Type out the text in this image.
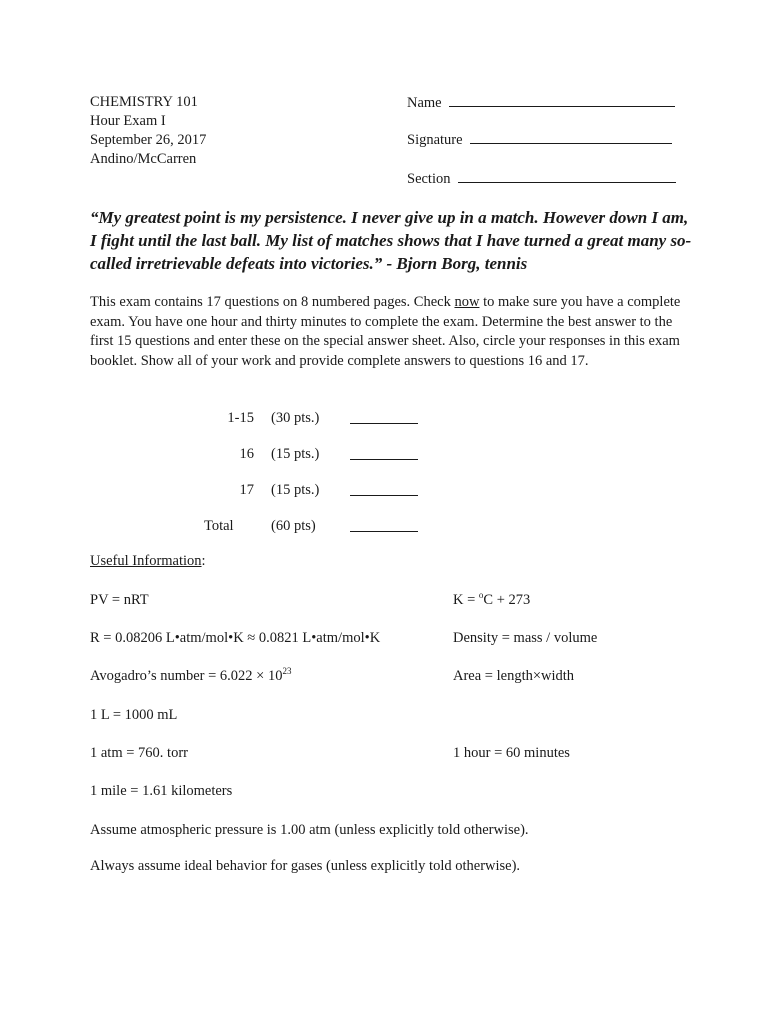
CHEMISTRY 101
Hour Exam I
September 26, 2017
Andino/McCarren
Name
Signature
Section
“My greatest point is my persistence. I never give up in a match. However down I am, I fight until the last ball. My list of matches shows that I have turned a great many so-called irretrievable defeats into victories.” - Bjorn Borg, tennis
This exam contains 17 questions on 8 numbered pages. Check now to make sure you have a complete exam. You have one hour and thirty minutes to complete the exam. Determine the best answer to the first 15 questions and enter these on the special answer sheet. Also, circle your responses in this exam booklet. Show all of your work and provide complete answers to questions 16 and 17.
1-15 (30 pts.)
16 (15 pts.)
17 (15 pts.)
Total	(60 pts)
Useful Information:
PV = nRT	K = $^o$C + 273
R = 0.08206 L•atm/mol•K ≈ 0.0821 L•atm/mol•K	Density = mass / volume
Avogadro’s number = $6.022 \times 10^{23}$	Area = length×width
1 L = 1000 mL
1 atm = 760. torr	1 hour = 60 minutes
1 mile = 1.61 kilometers
Assume atmospheric pressure is 1.00 atm (unless explicitly told otherwise).
Always assume ideal behavior for gases (unless explicitly told otherwise).
